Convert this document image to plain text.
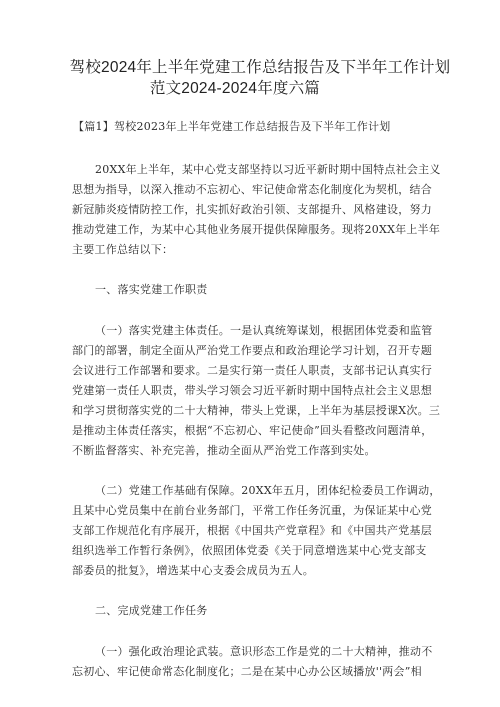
驾校2024年上半年党建工作总结报告及下半年工作计划
范文2024-2024年度六篇
【篇1】驾校2023年上半年党建工作总结报告及下半年工作计划
20XX年上半年，某中心党支部坚持以习近平新时期中国特点社会主义
思想为指导，以深入推动不忘初心、牢记使命常态化制度化为契机，结合
新冠肺炎疫情防控工作，扎实抓好政治引领、支部提升、风格建设，努力
推动党建工作，为某中心其他业务展开提供保障服务。现将20XX年上半年
主要工作总结以下：
一、落实党建工作职责
（一）落实党建主体责任。一是认真统筹谋划，根据团体党委和监管
部门的部署，制定全面从严治党工作要点和政治理论学习计划，召开专题
会议进行工作部署和要求。二是实行第一责任人职责，支部书记认真实行
党建第一责任人职责，带头学习领会习近平新时期中国特点社会主义思想
和学习贯彻落实党的二十大精神，带头上党课，上半年为基层授课X次。三
是推动主体责任落实，根据“不忘初心、牢记使命”回头看整改问题清单，
不断监督落实、补充完善，推动全面从严治党工作落到实处。
（二）党建工作基础有保障。20XX年五月，团体纪检委员工作调动，
且某中心党员集中在前台业务部门，平常工作任务沉重，为保证某中心党
支部工作规范化有序展开，根据《中国共产党章程》和《中国共产党基层
组织选举工作暂行条例》，依照团体党委《关于同意增选某中心党支部支
部委员的批复》，增选某中心支委会成员为五人。
二、完成党建工作任务
（一）强化政治理论武装。意识形态工作是党的二十大精神，推动不
忘初心、牢记使命常态化制度化；二是在某中心办公区域播放''两会”相
